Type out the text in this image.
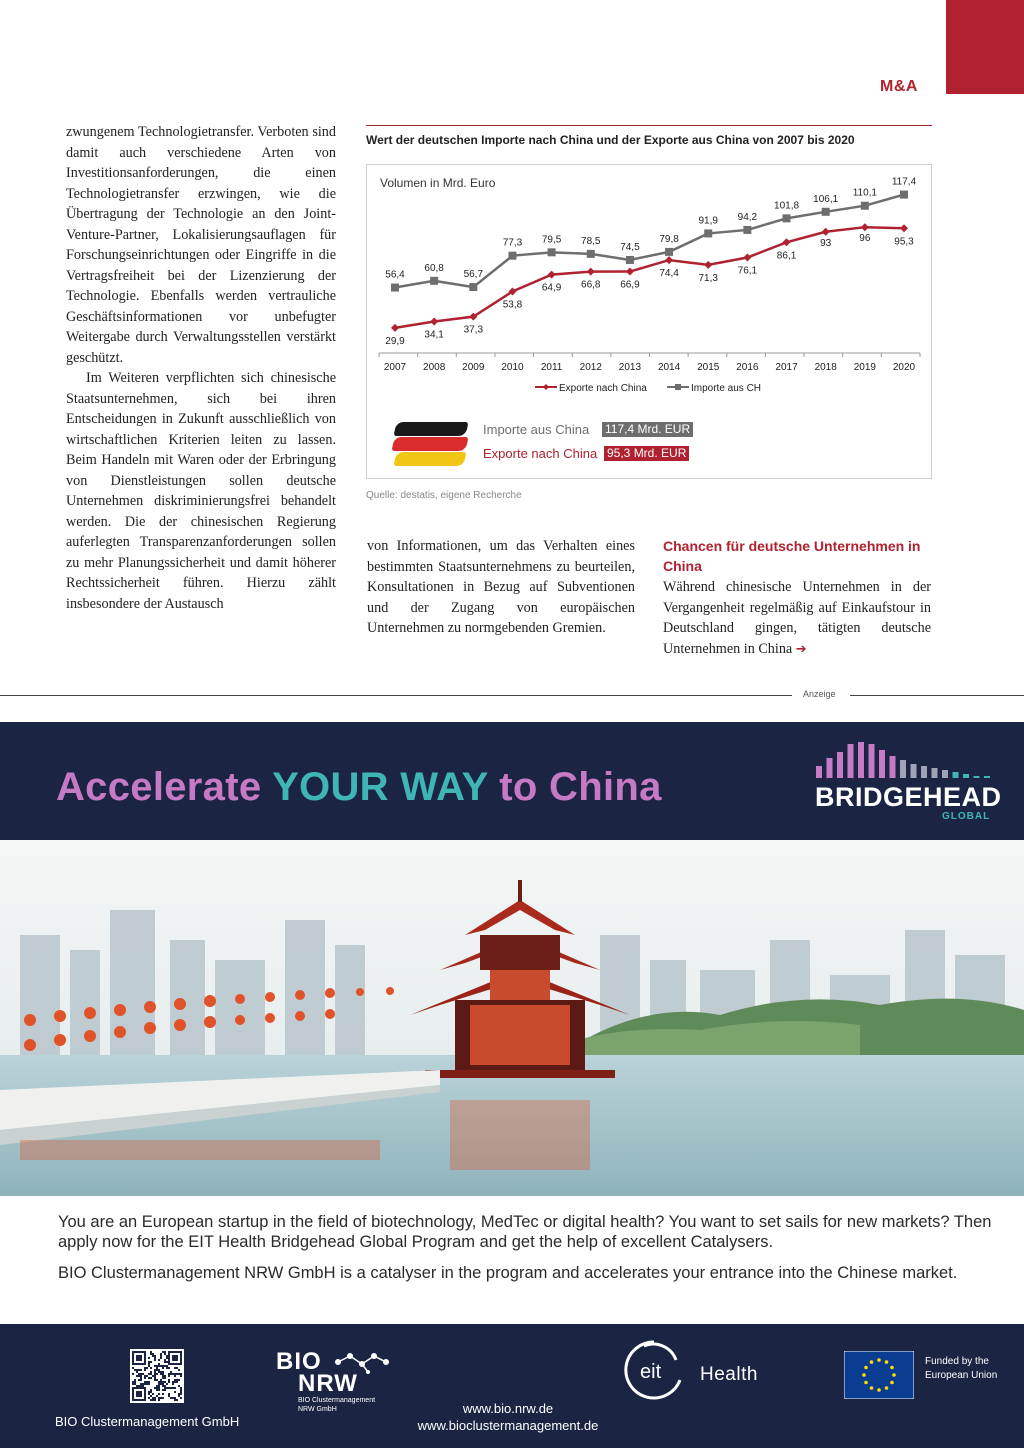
M&A

zwungenem Technologietransfer. Verboten sind damit auch verschiedene Arten von Investitionsanforderungen, die einen Technologietransfer erzwingen, wie die Übertragung der Technologie an den Joint-Venture-Partner, Lokalisierungsauflagen für Forschungseinrichtungen oder Eingriffe in die Vertragsfreiheit bei der Lizenzierung der Technologie. Ebenfalls werden vertrauliche Geschäftsinformationen vor unbefugter Weitergabe durch Verwaltungsstellen verstärkt geschützt.

Im Weiteren verpflichten sich chinesische Staatsunternehmen, sich bei ihren Entscheidungen in Zukunft ausschließlich von wirtschaftlichen Kriterien leiten zu lassen. Beim Handeln mit Waren oder der Erbringung von Dienstleistungen sollen deutsche Unternehmen diskriminierungsfrei behandelt werden. Die der chinesischen Regierung auferlegten Transparenzanforderungen sollen zu mehr Planungssicherheit und damit höherer Rechtssicherheit führen. Hierzu zählt insbesondere der Austausch

Wert der deutschen Importe nach China und der Exporte aus China von 2007 bis 2020
Volumen in Mrd. Euro
2007 2008 2009 2010 2011 2012 2013 2014 2015 2016 2017 2018 2019 2020
29,9
34,1 37,3
53,8
64,9 66,8 66,9
74,4 71,3
76,1
86,1
93	96 95,3
56,4
60,8
56,7
77,3 79,5 78,5
74,5
79,8
91,9 94,2
101,8
106,1
110,1
117,4
Exporte nach China	Importe aus CH
Importe aus China 117,4 Mrd. EUR
Exporte nach China 95,3 Mrd. EUR
Quelle: destatis, eigene Recherche

von Informationen, um das Verhalten eines bestimmten Staatsunternehmens zu beurteilen, Konsultationen in Bezug auf Subventionen und der Zugang von europäischen Unternehmen zu normgebenden Gremien.

Chancen für deutsche Unternehmen in China

Während chinesische Unternehmen in der Vergangenheit regelmäßig auf Einkaufstour in Deutschland gingen, tätigten deutsche Unternehmen in China ➔

Anzeige
Accelerate YOUR WAY to China	BRIDGEHEAD
GLOBAL

You are an European startup in the field of biotechnology, MedTec or digital health? You want to set sails for new markets? Then apply now for the EIT Health Bridgehead Global Program and get the help of excellent Catalysers.

BIO Clustermanagement NRW GmbH is a catalyser in the program and accelerates your entrance into the Chinese market.

BIO Clustermanagement GmbH
BIO
NRW
BIO Clustermanagement
NRW GmbH	www.bio.nrw.de
www.bioclustermanagement.de
eit Health
Funded by the
European Union
